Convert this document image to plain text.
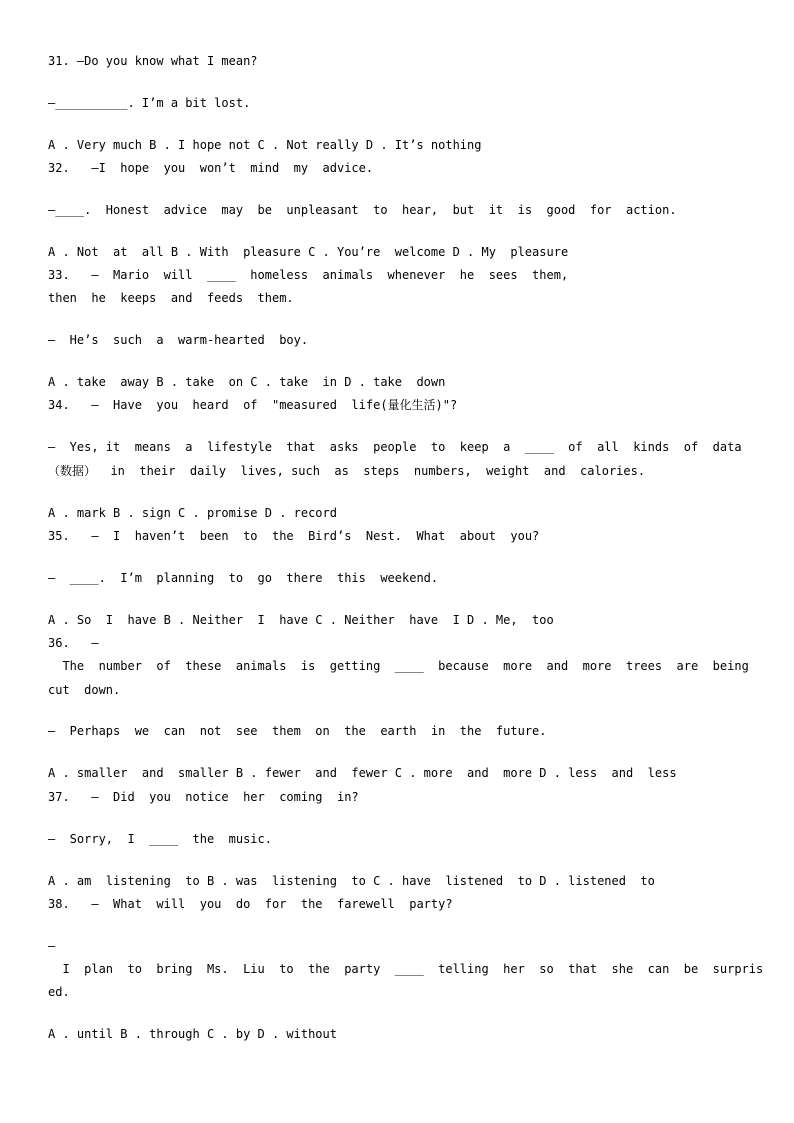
31. —Do you know what I mean?
—__________. I’m a bit lost.
A . Very much B . I hope not C . Not really D . It’s nothing
32.   —I  hope  you  won’t  mind  my  advice.
—____.  Honest  advice  may  be  unpleasant  to  hear,  but  it  is  good  for  action.
A . Not  at  all B . With  pleasure C . You’re  welcome D . My  pleasure
33.   —  Mario  will  ____  homeless  animals  whenever  he  sees  them,
then  he  keeps  and  feeds  them.
—  He’s  such  a  warm-hearted  boy.
A . take  away B . take  on C . take  in D . take  down
34.   —  Have  you  heard  of  "measured  life(量化生活)"?
—  Yes, it  means  a  lifestyle  that  asks  people  to  keep  a  ____  of  all  kinds  of  data
（数据）  in  their  daily  lives, such  as  steps  numbers,  weight  and  calories.
A . mark B . sign C . promise D . record
35.   —  I  haven’t  been  to  the  Bird’s  Nest.  What  about  you?
—  ____.  I’m  planning  to  go  there  this  weekend.
A . So  I  have B . Neither  I  have C . Neither  have  I D . Me,  too
36.   —
The  number  of  these  animals  is  getting  ____  because  more  and  more  trees  are  being
cut  down.
—  Perhaps  we  can  not  see  them  on  the  earth  in  the  future.
A . smaller  and  smaller B . fewer  and  fewer C . more  and  more D . less  and  less
37.   —  Did  you  notice  her  coming  in?
—  Sorry,  I  ____  the  music.
A . am  listening  to B . was  listening  to C . have  listened  to D . listened  to
38.   —  What  will  you  do  for  the  farewell  party?
—
I  plan  to  bring  Ms.  Liu  to  the  party  ____  telling  her  so  that  she  can  be  surpris
ed.
A . until B . through C . by D . without
